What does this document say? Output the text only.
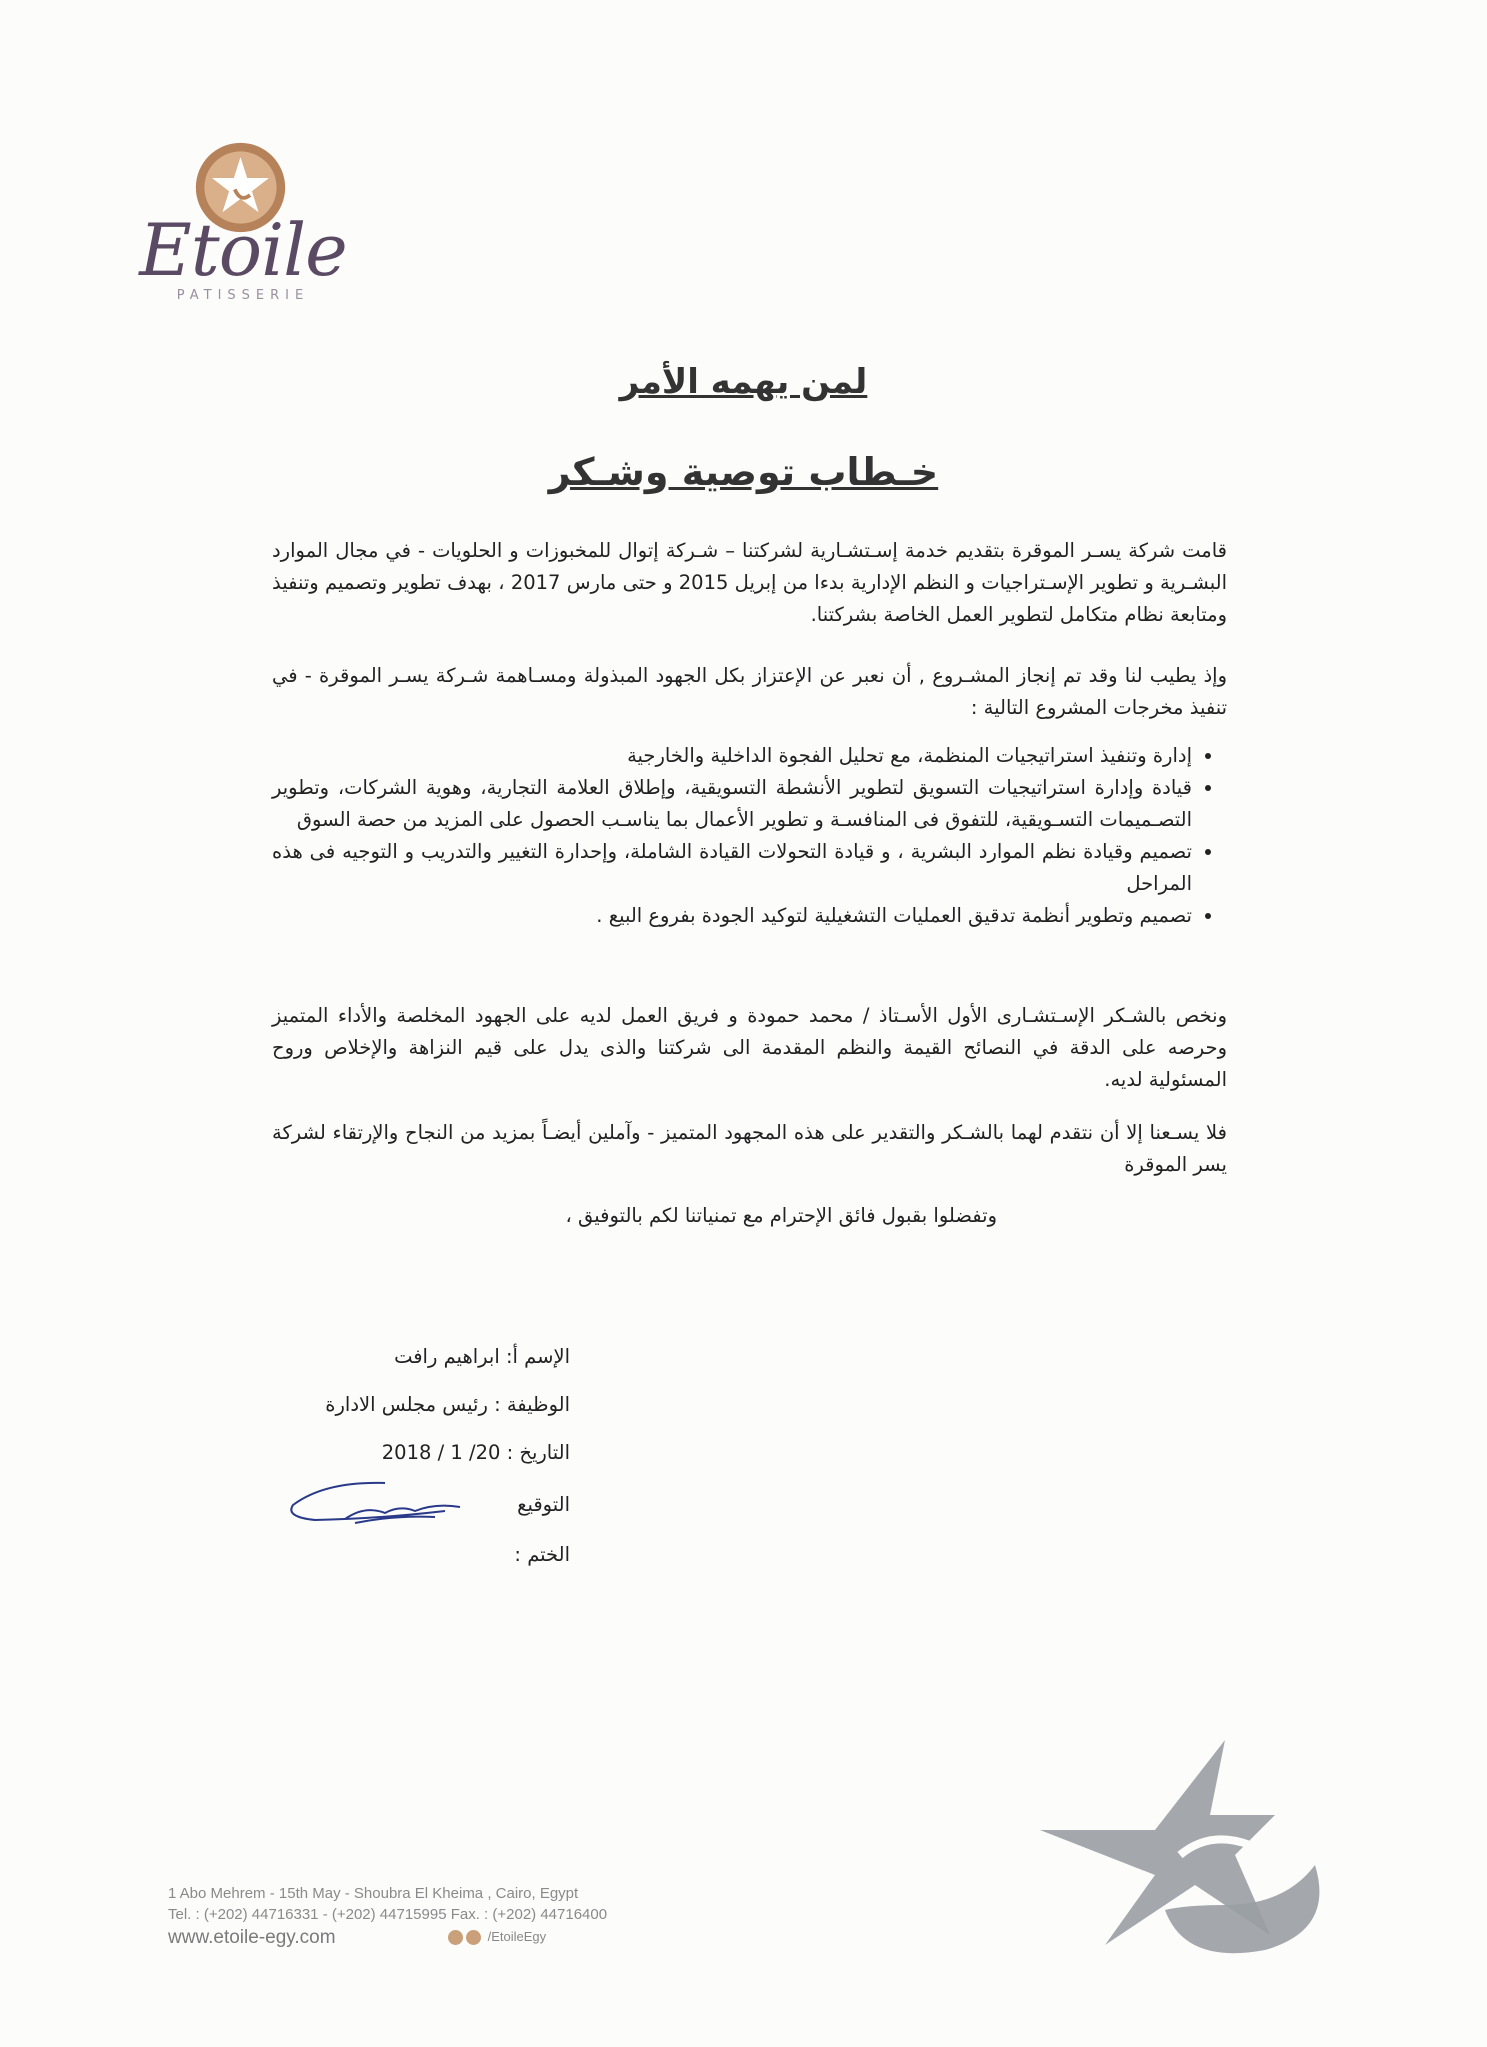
Etoile
PATISSERIE
لمن يهمه الأمر
خـطاب توصية وشـكر
قامت شركة يسـر الموقرة بتقديم خدمة إسـتشـارية لشركتنا – شـركة إتوال للمخبوزات و الحلويات - في مجال الموارد البشـرية و تطوير الإسـتراجيات و النظم الإدارية بدءا من إبريل 2015 و حتى مارس 2017 ، بهدف تطوير وتصميم وتنفيذ ومتابعة نظام متكامل لتطوير العمل الخاصة بشركتنا.
وإذ يطيب لنا وقد تم إنجاز المشـروع , أن نعبر عن الإعتزاز بكل الجهود المبذولة ومسـاهمة شـركة يسـر الموقرة - في تنفيذ مخرجات المشروع التالية :
• إدارة وتنفيذ استراتيجيات المنظمة، مع تحليل الفجوة الداخلية والخارجية
• قيادة وإدارة استراتيجيات التسويق لتطوير الأنشطة التسويقية، وإطلاق العلامة التجارية، وهوية الشركات، وتطوير التصـميمات التسـويقية، للتفوق فى المنافسـة و تطوير الأعمال بما يناسـب الحصول على المزيد من حصة السوق
• تصميم وقيادة نظم الموارد البشرية ، و قيادة التحولات القيادة الشاملة، وإحدارة التغيير والتدريب و التوجيه فى هذه المراحل
• تصميم وتطوير أنظمة تدقيق العمليات التشغيلية لتوكيد الجودة بفروع البيع .
ونخص بالشـكر الإسـتشـارى الأول الأسـتاذ / محمد حمودة و فريق العمل لديه على الجهود المخلصة والأداء المتميز وحرصه على الدقة في النصائح القيمة والنظم المقدمة الى شركتنا والذى يدل على قيم النزاهة والإخلاص وروح المسئولية لديه.
فلا يسـعنا إلا أن نتقدم لهما بالشـكر والتقدير على هذه المجهود المتميز - وآملين أيضـاً بمزيد من النجاح والإرتقاء لشركة يسر الموقرة
وتفضلوا بقبول فائق الإحترام مع تمنياتنا لكم بالتوفيق ،
الإسم أ: ابراهيم رافت
الوظيفة : رئيس مجلس الادارة
التاريخ : 20/ 1 / 2018
التوقيع
الختم :
1 Abo Mehrem - 15th May - Shoubra El Kheima , Cairo, Egypt
Tel. : (+202) 44716331 - (+202) 44715995 Fax. : (+202) 44716400
www.etoile-egy.com	/EtoileEgy
